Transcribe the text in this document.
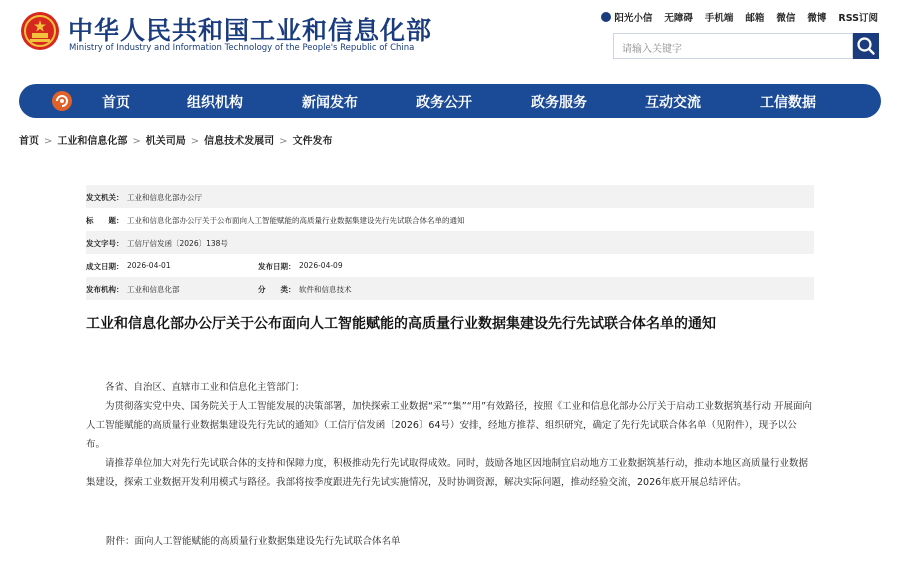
中华人民共和国工业和信息化部
Ministry of Industry and Information Technology of the People's Republic of China
阳光小信 无障碍 手机端 邮箱 微信 微博 RSS订阅
请输入关键字
首页	组织机构	新闻发布	政务公开	政务服务	互动交流	工信数据
首页 > 工业和信息化部 > 机关司局 > 信息技术发展司 > 文件发布
发文机关： 工业和信息化部办公厅
标　　题： 工业和信息化部办公厅关于公布面向人工智能赋能的高质量行业数据集建设先行先试联合体名单的通知
发文字号： 工信厅信发函〔2026〕138号
成文日期： 2026-04-01	发布日期： 2026-04-09
发布机构： 工业和信息化部	分　　类： 软件和信息技术
工业和信息化部办公厅关于公布面向人工智能赋能的高质量行业数据集建设先行先试联合体名单的通知
各省、自治区、直辖市工业和信息化主管部门：
为贯彻落实党中央、国务院关于人工智能发展的决策部署，加快探索工业数据“采”“集”“用”有效路径，按照《工业和信息化部办公厅关于启动工业数据筑基行动 开展面向人工智能赋能的高质量行业数据集建设先行先试的通知》（工信厅信发函〔2026〕64号）安排，经地方推荐、组织研究，确定了先行先试联合体名单（见附件），现予以公布。
请推荐单位加大对先行先试联合体的支持和保障力度，积极推动先行先试取得成效。同时，鼓励各地区因地制宜启动地方工业数据筑基行动，推动本地区高质量行业数据集建设，探索工业数据开发利用模式与路径。我部将按季度跟进先行先试实施情况，及时协调资源，解决实际问题，推动经验交流，2026年底开展总结评估。
附件：面向人工智能赋能的高质量行业数据集建设先行先试联合体名单
